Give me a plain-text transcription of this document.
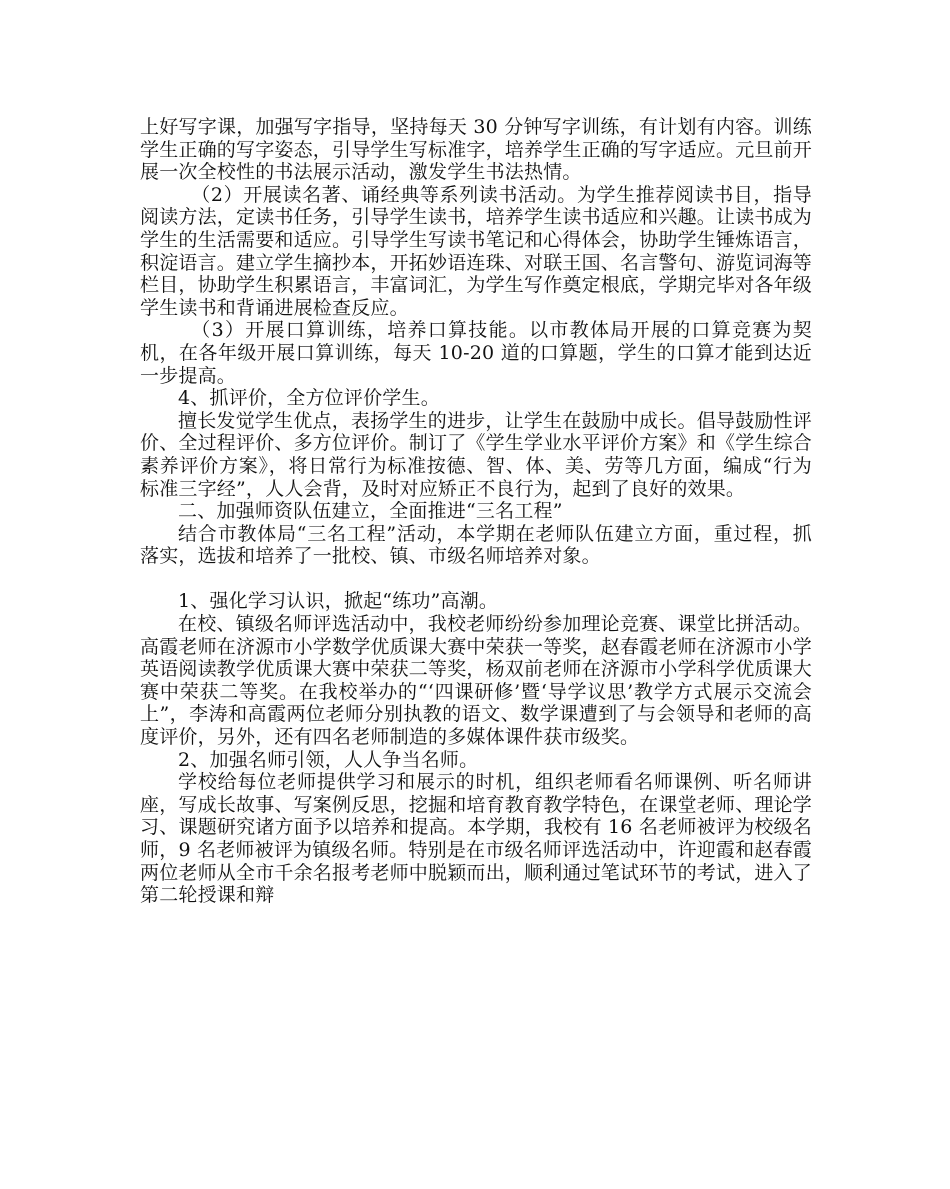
上好写字课，加强写字指导，坚持每天 30 分钟写字训练，有计划有内容。训练学生正确的写字姿态，引导学生写标准字，培养学生正确的写字适应。元旦前开展一次全校性的书法展示活动，激发学生书法热情。

（2）开展读名著、诵经典等系列读书活动。为学生推荐阅读书目，指导阅读方法，定读书任务，引导学生读书，培养学生读书适应和兴趣。让读书成为学生的生活需要和适应。引导学生写读书笔记和心得体会，协助学生锤炼语言，积淀语言。建立学生摘抄本，开拓妙语连珠、对联王国、名言警句、游览词海等栏目，协助学生积累语言，丰富词汇，为学生写作奠定根底，学期完毕对各年级学生读书和背诵进展检查反应。

（3）开展口算训练，培养口算技能。以市教体局开展的口算竞赛为契机，在各年级开展口算训练，每天 10-20 道的口算题，学生的口算才能到达近一步提高。

4、抓评价，全方位评价学生。

擅长发觉学生优点，表扬学生的进步，让学生在鼓励中成长。倡导鼓励性评价、全过程评价、多方位评价。制订了《学生学业水平评价方案》和《学生综合素养评价方案》，将日常行为标准按德、智、体、美、劳等几方面，编成“行为标准三字经”，人人会背，及时对应矫正不良行为，起到了良好的效果。

二、加强师资队伍建立，全面推进“三名工程”

结合市教体局“三名工程”活动，本学期在老师队伍建立方面，重过程，抓落实，选拔和培养了一批校、镇、市级名师培养对象。

1、强化学习认识，掀起“练功”高潮。

在校、镇级名师评选活动中，我校老师纷纷参加理论竞赛、课堂比拼活动。高霞老师在济源市小学数学优质课大赛中荣获一等奖，赵春霞老师在济源市小学英语阅读教学优质课大赛中荣获二等奖，杨双前老师在济源市小学科学优质课大赛中荣获二等奖。在我校举办的“‘四课研修’暨‘导学议思’教学方式展示交流会上”，李涛和高霞两位老师分别执教的语文、数学课遭到了与会领导和老师的高度评价，另外，还有四名老师制造的多媒体课件获市级奖。

2、加强名师引领，人人争当名师。

学校给每位老师提供学习和展示的时机，组织老师看名师课例、听名师讲座，写成长故事、写案例反思，挖掘和培育教育教学特色，在课堂老师、理论学习、课题研究诸方面予以培养和提高。本学期，我校有 16 名老师被评为校级名师，9 名老师被评为镇级名师。特别是在市级名师评选活动中，许迎霞和赵春霞两位老师从全市千余名报考老师中脱颖而出，顺利通过笔试环节的考试，进入了第二轮授课和辩
